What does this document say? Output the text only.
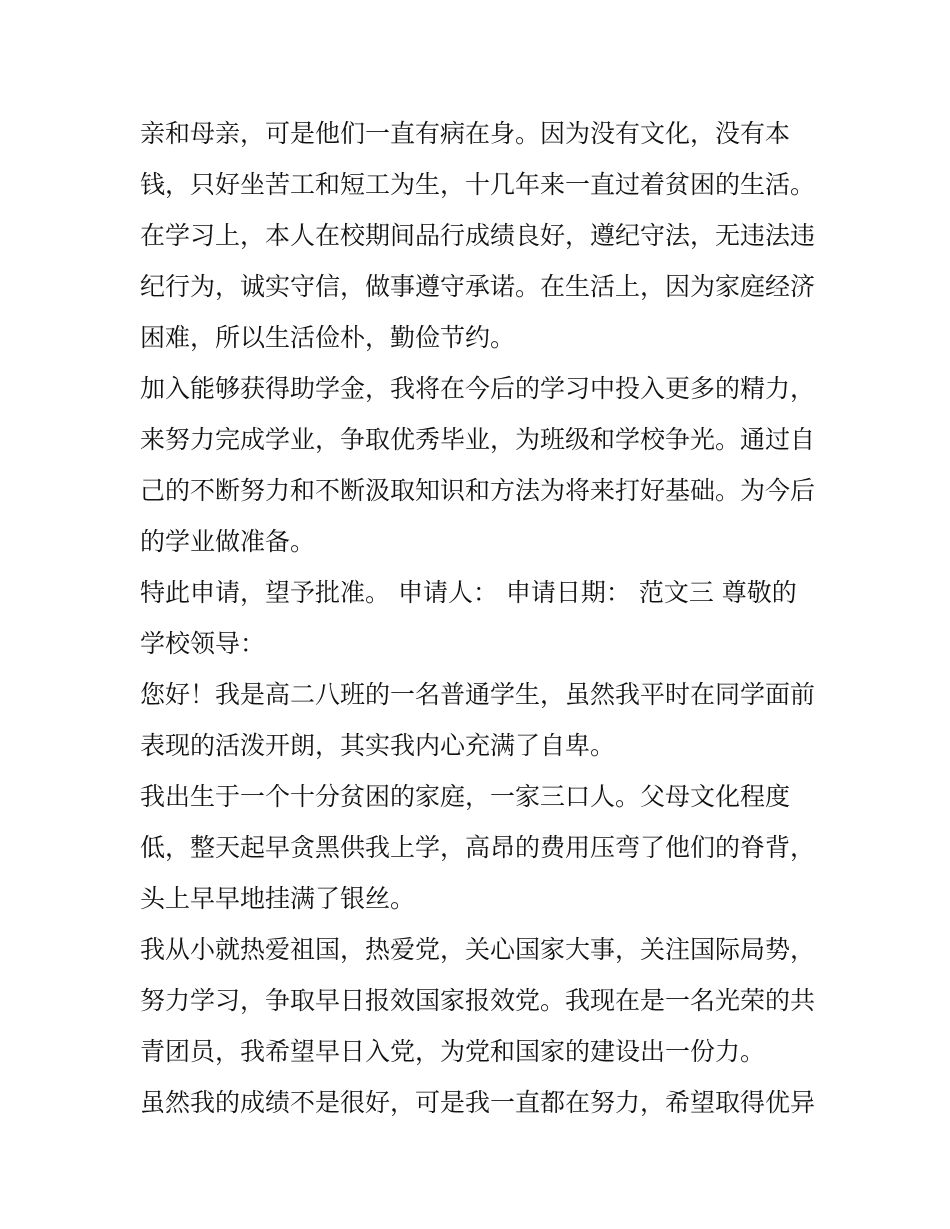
亲和母亲，可是他们一直有病在身。因为没有文化，没有本
钱，只好坐苦工和短工为生，十几年来一直过着贫困的生活。
在学习上，本人在校期间品行成绩良好，遵纪守法，无违法违
纪行为，诚实守信，做事遵守承诺。在生活上，因为家庭经济
困难，所以生活俭朴，勤俭节约。
加入能够获得助学金，我将在今后的学习中投入更多的精力，
来努力完成学业，争取优秀毕业，为班级和学校争光。通过自
己的不断努力和不断汲取知识和方法为将来打好基础。为今后
的学业做准备。
特此申请，望予批准。 申请人： 申请日期： 范文三 尊敬的
学校领导：
您好！我是高二八班的一名普通学生，虽然我平时在同学面前
表现的活泼开朗，其实我内心充满了自卑。
我出生于一个十分贫困的家庭，一家三口人。父母文化程度
低，整天起早贪黑供我上学，高昂的费用压弯了他们的脊背，
头上早早地挂满了银丝。
我从小就热爱祖国，热爱党，关心国家大事，关注国际局势，
努力学习，争取早日报效国家报效党。我现在是一名光荣的共
青团员，我希望早日入党，为党和国家的建设出一份力。
虽然我的成绩不是很好，可是我一直都在努力，希望取得优异
